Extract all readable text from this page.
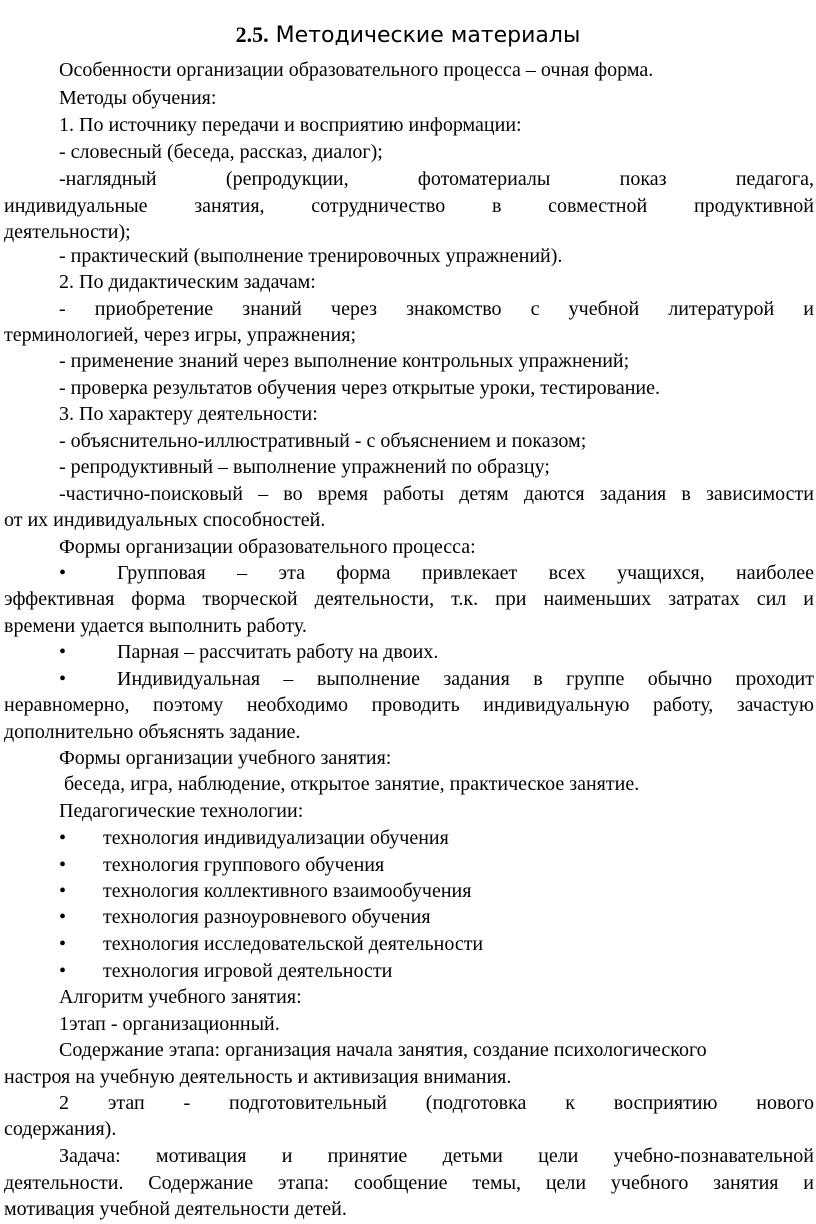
2.5. Методические материалы
Особенности организации образовательного процесса – очная форма.
Методы обучения:
1. По источнику передачи и восприятию информации:
- словесный (беседа, рассказ, диалог);
-наглядный (репродукции, фотоматериалы показ педагога,
индивидуальные занятия, сотрудничество в совместной продуктивной
деятельности);
- практический (выполнение тренировочных упражнений).
2. По дидактическим задачам:
- приобретение знаний через знакомство с учебной литературой и
терминологией, через игры, упражнения;
- применение знаний через выполнение контрольных упражнений;
- проверка результатов обучения через открытые уроки, тестирование.
3. По характеру деятельности:
- объяснительно-иллюстративный - с объяснением и показом;
- репродуктивный – выполнение упражнений по образцу;
-частично-поисковый – во время работы детям даются задания в зависимости
от их индивидуальных способностей.
Формы организации образовательного процесса:
•	Групповая – эта форма привлекает всех учащихся, наиболее
эффективная форма творческой деятельности, т.к. при наименьших затратах сил и
времени удается выполнить работу.
•	Парная – рассчитать работу на двоих.
•	Индивидуальная – выполнение задания в группе обычно проходит
неравномерно, поэтому необходимо проводить индивидуальную работу, зачастую
дополнительно объяснять задание.
Формы организации учебного занятия:
беседа, игра, наблюдение, открытое занятие, практическое занятие.
Педагогические технологии:
• технология индивидуализации обучения
• технология группового обучения
• технология коллективного взаимообучения
• технология разноуровневого обучения
• технология исследовательской деятельности
• технология игровой деятельности
Алгоритм учебного занятия:
1этап - организационный.
Содержание этапа: организация начала занятия, создание психологического
настроя на учебную деятельность и активизация внимания.
2 этап - подготовительный (подготовка к восприятию нового
содержания).
Задача: мотивация и принятие детьми цели учебно-познавательной
деятельности. Содержание этапа: сообщение темы, цели учебного занятия и
мотивация учебной деятельности детей.
